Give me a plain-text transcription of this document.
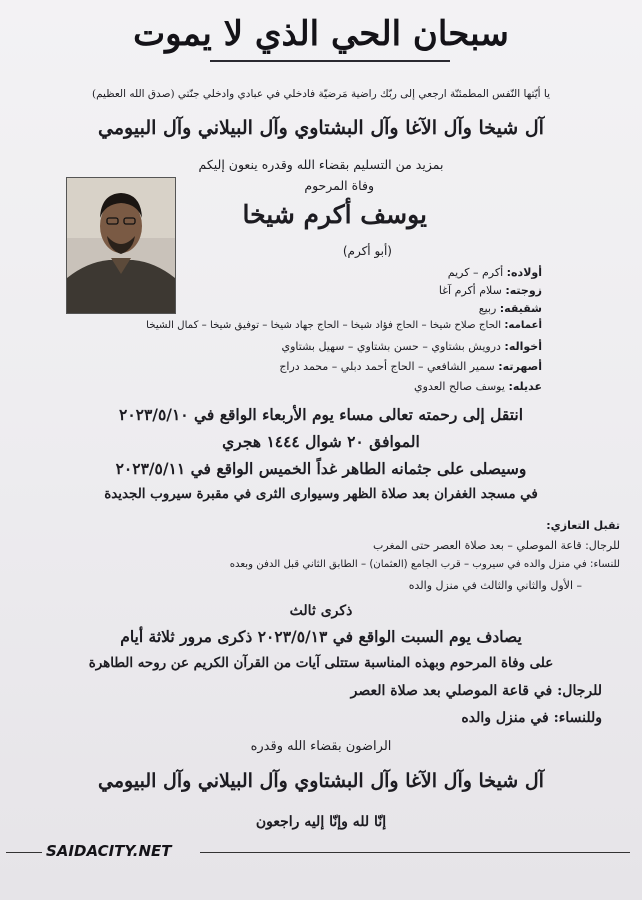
سبحان الحي الذي لا يموت
يا أيّتها النّفس المطمئنّة ارجعي إلى ربّك راضية مَرضيّة فادخلي في عبادي وادخلي جنّتي (صدق الله العظيم)
آل شيخا وآل الآغا وآل البشتاوي وآل البيلاني وآل البيومي
بمزيد من التسليم بقضاء الله وقدره ينعون إليكم
وفاة المرحوم
يوسف أكرم شيخا
(أبو أكرم)
أولاده: أكرم – كريم
زوجته: سلام أكرم آغا
شقيقه: ربيع
أعمامه: الحاج صلاح شيخا – الحاج فؤاد شيخا – الحاج جهاد شيخا – توفيق شيخا – كمال الشيخا
أخواله: درويش بشتاوي – حسن بشتاوي – سهيل بشتاوي
أصهرته: سمير الشافعي – الحاج أحمد دبلي – محمد دراج
عديله: يوسف صالح العدوي
انتقل إلى رحمته تعالى مساء يوم الأربعاء الواقع في ٢٠٢٣/٥/١٠
الموافق ٢٠ شوال ١٤٤٤ هجري
وسيصلى على جثمانه الطاهر غداً الخميس الواقع في ٢٠٢٣/٥/١١
في مسجد الغفران بعد صلاة الظهر وسيوارى الثرى في مقبرة سيروب الجديدة
تقبل التعازي:
للرجال: قاعة الموصلي – بعد صلاة العصر حتى المغرب
للنساء: في منزل والده في سيروب – قرب الجامع (العثمان) – الطابق الثاني قبل الدفن وبعده
– الأول والثاني والثالث في منزل والده
ذكرى ثالث
يصادف يوم السبت الواقع في ٢٠٢٣/٥/١٣ ذكرى مرور ثلاثة أيام
على وفاة المرحوم وبهذه المناسبة ستتلى آيات من القرآن الكريم عن روحه الطاهرة
للرجال: في قاعة الموصلي بعد صلاة العصر
وللنساء: في منزل والده
الراضون بقضاء الله وقدره
آل شيخا وآل الآغا وآل البشتاوي وآل البيلاني وآل البيومي
إنّا لله وإنّا إليه راجعون
SAIDACITY.NET
